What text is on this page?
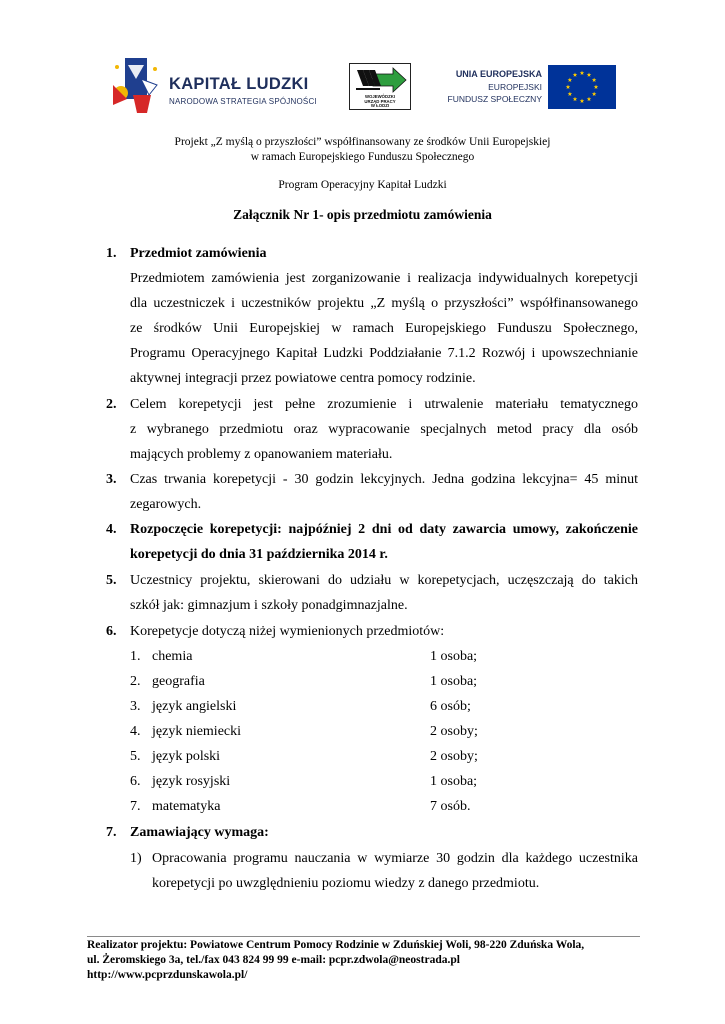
KAPITAŁ LUDZKI
NARODOWA STRATEGIA SPÓJNOŚCI
WOJEWÓDZKI
URZĄD PRACY
W ŁODZI
UNIA EUROPEJSKA
EUROPEJSKI
FUNDUSZ SPOŁECZNY
Projekt „Z myślą o przyszłości” współfinansowany ze środków Unii Europejskiej
w ramach Europejskiego Funduszu Społecznego
Program Operacyjny Kapitał Ludzki
Załącznik Nr 1- opis przedmiotu zamówienia
1. Przedmiot zamówienia
Przedmiotem zamówienia jest zorganizowanie i realizacja indywidualnych korepetycji
dla uczestniczek i uczestników projektu „Z myślą o przyszłości” współfinansowanego
ze środków Unii Europejskiej w ramach Europejskiego Funduszu Społecznego,
Programu Operacyjnego Kapitał Ludzki Poddziałanie 7.1.2 Rozwój i upowszechnianie
aktywnej integracji przez powiatowe centra pomocy rodzinie.
2. Celem korepetycji jest pełne zrozumienie i utrwalenie materiału tematycznego
z wybranego przedmiotu oraz wypracowanie specjalnych metod pracy dla osób
mających problemy z opanowaniem materiału.
3. Czas trwania korepetycji - 30 godzin lekcyjnych. Jedna godzina lekcyjna= 45 minut
zegarowych.
4. Rozpoczęcie korepetycji: najpóźniej 2 dni od daty zawarcia umowy, zakończenie
korepetycji do dnia 31 października 2014 r.
5. Uczestnicy projektu, skierowani do udziału w korepetycjach, uczęszczają do takich
szkół jak: gimnazjum i szkoły ponadgimnazjalne.
6. Korepetycje dotyczą niżej wymienionych przedmiotów:
1. chemia	1 osoba;
2. geografia	1 osoba;
3. język angielski	6 osób;
4. język niemiecki	2 osoby;
5. język polski	2 osoby;
6. język rosyjski	1 osoba;
7. matematyka	7 osób.
7. Zamawiający wymaga:
1) Opracowania programu nauczania w wymiarze 30 godzin dla każdego uczestnika
korepetycji po uwzględnieniu poziomu wiedzy z danego przedmiotu.
Realizator projektu: Powiatowe Centrum Pomocy Rodzinie w Zduńskiej Woli, 98-220 Zduńska Wola,
ul. Żeromskiego 3a, tel./fax 043 824 99 99 e-mail: pcpr.zdwola@neostrada.pl
http://www.pcprzdunskawola.pl/
